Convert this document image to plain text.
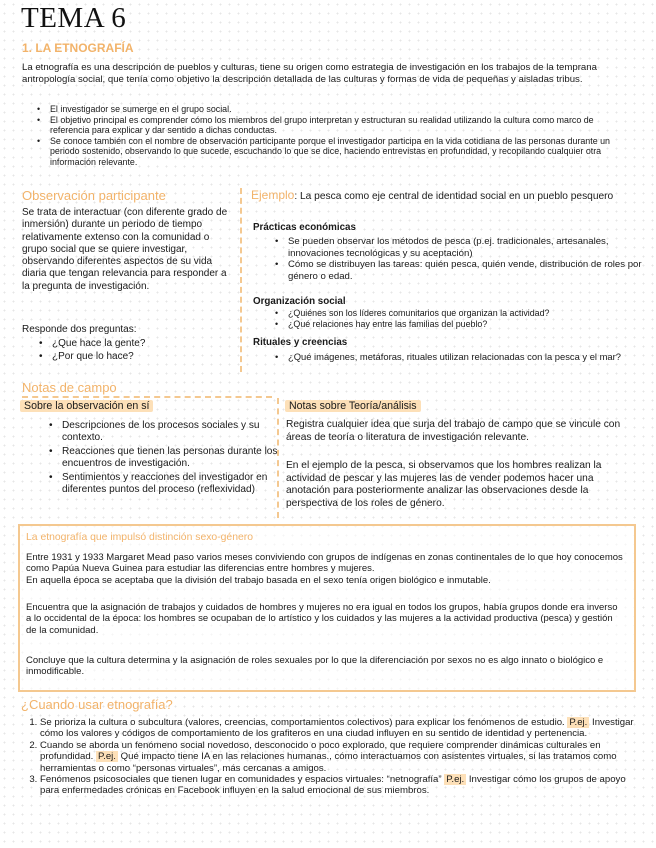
TEMA 6
1. LA ETNOGRAFÍA

La etnografía es una descripción de pueblos y culturas, tiene su origen como estrategia de investigación en los trabajos de la temprana antropología social, que tenía como objetivo la descripción detallada de las culturas y formas de vida de pequeñas y aisladas tribus.

• El investigador se sumerge en el grupo social.
• El objetivo principal es comprender cómo los miembros del grupo interpretan y estructuran su realidad utilizando la cultura como marco de referencia para explicar y dar sentido a dichas conductas.
• Se conoce también con el nombre de observación participante porque el investigador participa en la vida cotidiana de las personas durante un periodo sostenido, observando lo que sucede, escuchando lo que se dice, haciendo entrevistas en profundidad, y recopilando cualquier otra información relevante.
Observación participante

Se trata de interactuar (con diferente grado de inmersión) durante un periodo de tiempo relativamente extenso con la comunidad o grupo social que se quiere investigar, observando diferentes aspectos de su vida diaria que tengan relevancia para responder a la pregunta de investigación.

Responde dos preguntas:
• ¿Que hace la gente?
• ¿Por que lo hace?
Ejemplo: La pesca como eje central de identidad social en un pueblo pesquero
Prácticas económicas
• Se pueden observar los métodos de pesca (p.ej. tradicionales, artesanales, innovaciones tecnológicas y su aceptación)
• Cómo se distribuyen las tareas: quién pesca, quién vende, distribución de roles por género o edad.
Organización social
• ¿Quiénes son los líderes comunitarios que organizan la actividad?
• ¿Qué relaciones hay entre las familias del pueblo?
Rituales y creencias
• ¿Qué imágenes, metáforas, rituales utilizan relacionadas con la pesca y el mar?
Notas de campo
Sobre la observación en sí
• Descripciones de los procesos sociales y su contexto.
• Reacciones que tienen las personas durante los encuentros de investigación.
• Sentimientos y reacciones del investigador en diferentes puntos del proceso (reflexividad)
Notas sobre Teoría/análisis

Registra cualquier idea que surja del trabajo de campo que se vincule con áreas de teoría o literatura de investigación relevante.

En el ejemplo de la pesca, si observamos que los hombres realizan la actividad de pescar y las mujeres las de vender podemos hacer una anotación para posteriormente analizar las observaciones desde la perspectiva de los roles de género.

La etnografía que impulsó distinción sexo-género

Entre 1931 y 1933 Margaret Mead paso varios meses conviviendo con grupos de indígenas en zonas continentales de lo que hoy conocemos como Papúa Nueva Guinea para estudiar las diferencias entre hombres y mujeres.

En aquella época se aceptaba que la división del trabajo basada en el sexo tenía origen biológico e inmutable.

Encuentra que la asignación de trabajos y cuidados de hombres y mujeres no era igual en todos los grupos, había grupos donde era inverso a lo occidental de la época: los hombres se ocupaban de lo artístico y los cuidados y las mujeres a la actividad productiva (pesca) y gestión de la comunidad.

Concluye que la cultura determina y la asignación de roles sexuales por lo que la diferenciación por sexos no es algo innato o biológico e inmodificable.

¿Cuando usar etnografía?
1. Se prioriza la cultura o subcultura (valores, creencias, comportamientos colectivos) para explicar los fenómenos de estudio. P.ej. Investigar cómo los valores y códigos de comportamiento de los grafiteros en una ciudad influyen en su sentido de identidad y pertenencia.
2. Cuando se aborda un fenómeno social novedoso, desconocido o poco explorado, que requiere comprender dinámicas culturales en profundidad. P.ej. Qué impacto tiene IA en las relaciones humanas., cómo interactuamos con asistentes virtuales, si las tratamos como herramientas o como “personas virtuales”, más cercanas a amigos.
3. Fenómenos psicosociales que tienen lugar en comunidades y espacios virtuales: “netnografía” P.ej. Investigar cómo los grupos de apoyo para enfermedades crónicas en Facebook influyen en la salud emocional de sus miembros.
